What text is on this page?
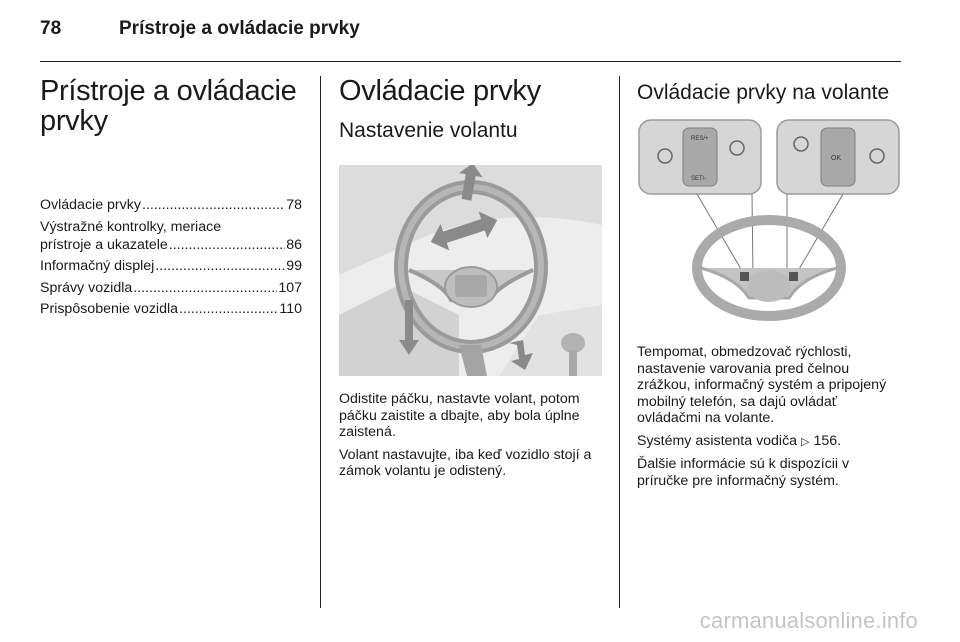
78	Prístroje a ovládacie prvky
Prístroje a ovládacie prvky
Ovládacie prvky .....	78
Výstražné kontrolky, meriace
prístroje a ukazatele .....	86
Informačný displej .....	99
Správy vozidla .....	107
Prispôsobenie vozidla .....	110
Ovládacie prvky
Nastavenie volantu

Odistite páčku, nastavte volant, potom páčku zaistite a dbajte, aby bola úplne zaistená.

Volant nastavujte, iba keď vozidlo stojí a zámok volantu je odistený.

Ovládacie prvky na volante
RES/+
SET/-
OK

Tempomat, obmedzovač rýchlosti, nastavenie varovania pred čelnou zrážkou, informačný systém a pripojený mobilný telefón, sa dajú ovládať ovládačmi na volante.

Systémy asistenta vodiča ▷ 156.

Ďalšie informácie sú k dispozícii v príručke pre informačný systém.

carmanualsonline.info
